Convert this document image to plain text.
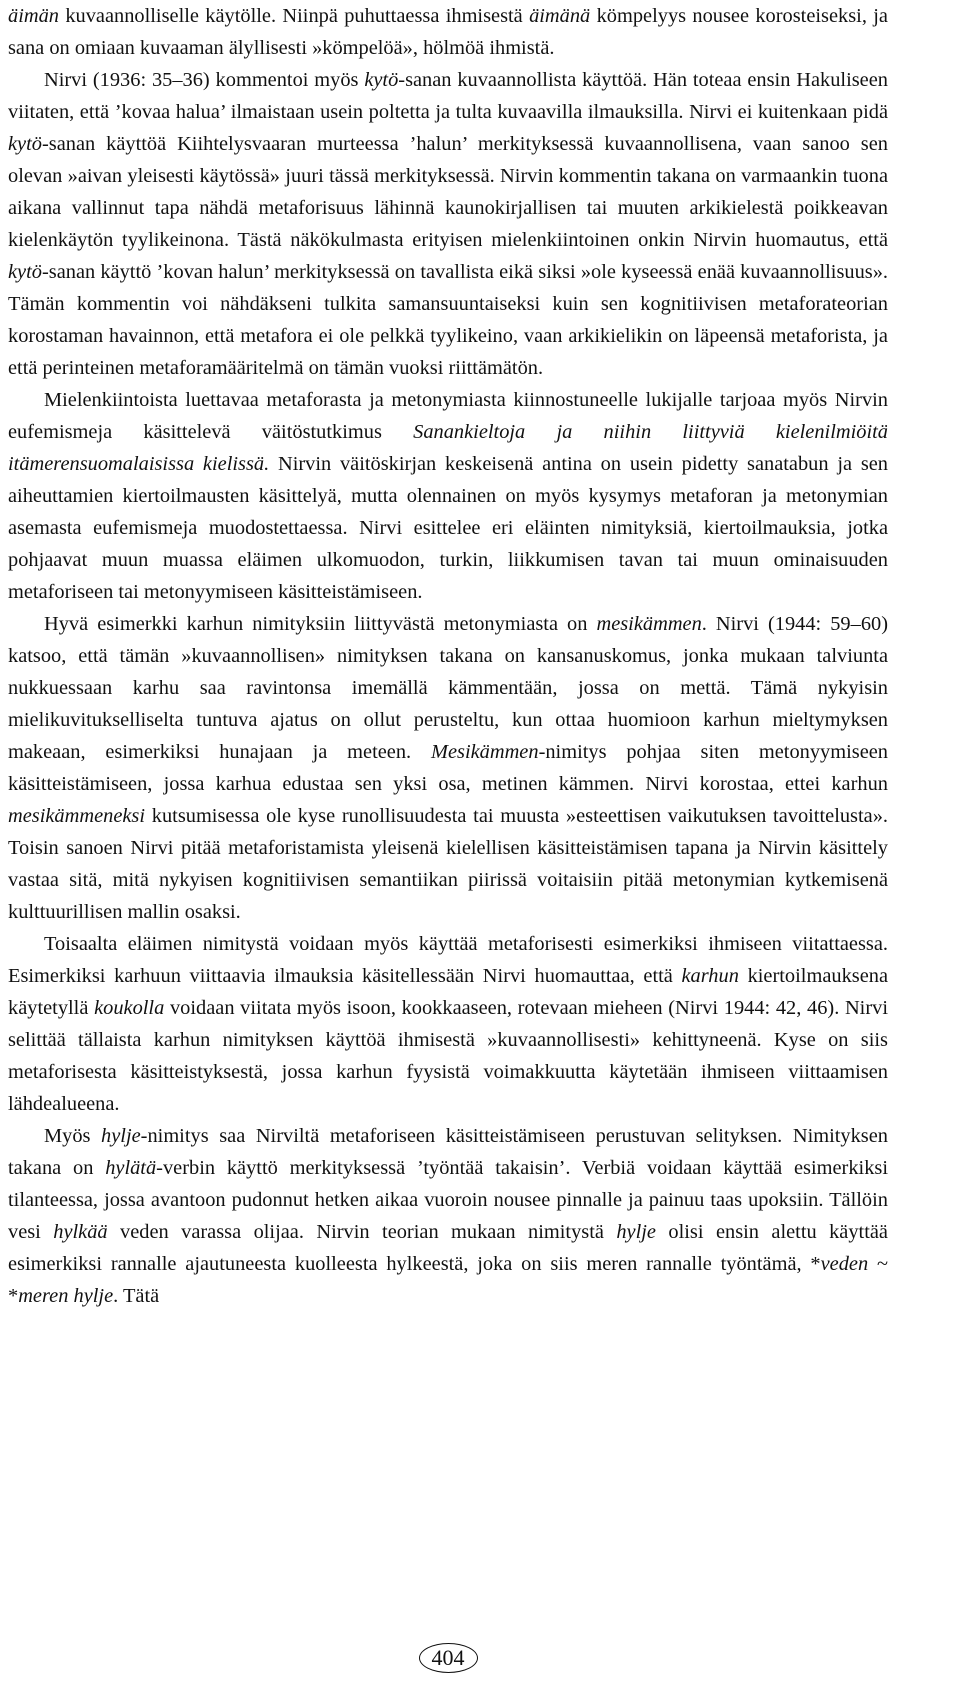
äimän kuvaannolliselle käytölle. Niinpä puhuttaessa ihmisestä äimänä kömpelyys nousee korosteiseksi, ja sana on omiaan kuvaaman älyllisesti »kömpelöä», hölmöä ihmistä.

Nirvi (1936: 35–36) kommentoi myös kytö-sanan kuvaannollista käyttöä. Hän toteaa ensin Hakuliseen viitaten, että ’kovaa halua’ ilmaistaan usein poltetta ja tulta kuvaavilla ilmauksilla. Nirvi ei kuitenkaan pidä kytö-sanan käyttöä Kiihtelysvaaran murteessa ’halun’ merkityksessä kuvaannollisena, vaan sanoo sen olevan »aivan yleisesti käytössä» juuri tässä merkityksessä. Nirvin kommentin takana on varmaankin tuona aikana vallinnut tapa nähdä metaforisuus lähinnä kaunokirjallisen tai muuten arkikielestä poikkeavan kielenkäytön tyylikeinona. Tästä näkökulmasta erityisen mielenkiintoinen onkin Nirvin huomautus, että kytö-sanan käyttö ’kovan halun’ merkityksessä on tavallista eikä siksi »ole kyseessä enää kuvaannollisuus». Tämän kommentin voi nähdäkseni tulkita samansuuntaiseksi kuin sen kognitiivisen metaforateorian korostaman havainnon, että metafora ei ole pelkkä tyylikeino, vaan arkikielikin on läpeensä metaforista, ja että perinteinen metaforamääritelmä on tämän vuoksi riittämätön.

Mielenkiintoista luettavaa metaforasta ja metonymiasta kiinnostuneelle lukijalle tarjoaa myös Nirvin eufemismeja käsittelevä väitöstutkimus Sanankieltoja ja niihin liittyviä kielenilmiöitä itämerensuomalaisissa kielissä. Nirvin väitöskirjan keskeisenä antina on usein pidetty sanatabun ja sen aiheuttamien kiertoilmausten käsittelyä, mutta olennainen on myös kysymys metaforan ja metonymian asemasta eufemismeja muodostettaessa. Nirvi esittelee eri eläinten nimityksiä, kiertoilmauksia, jotka pohjaavat muun muassa eläimen ulkomuodon, turkin, liikkumisen tavan tai muun ominaisuuden metaforiseen tai metonyymiseen käsitteistämiseen.

Hyvä esimerkki karhun nimityksiin liittyvästä metonymiasta on mesikämmen. Nirvi (1944: 59–60) katsoo, että tämän »kuvaannollisen» nimityksen takana on kansanuskomus, jonka mukaan talviunta nukkuessaan karhu saa ravintonsa imemällä kämmentään, jossa on mettä. Tämä nykyisin mielikuvitukselliselta tuntuva ajatus on ollut perusteltu, kun ottaa huomioon karhun mieltymyksen makeaan, esimerkiksi hunajaan ja meteen. Mesikämmen-nimitys pohjaa siten metonyymiseen käsitteistämiseen, jossa karhua edustaa sen yksi osa, metinen kämmen. Nirvi korostaa, ettei karhun mesikämmeneksi kutsumisessa ole kyse runollisuudesta tai muusta »esteettisen vaikutuksen tavoittelusta». Toisin sanoen Nirvi pitää metaforistamista yleisenä kielellisen käsitteistämisen tapana ja Nirvin käsittely vastaa sitä, mitä nykyisen kognitiivisen semantiikan piirissä voitaisiin pitää metonymian kytkemisenä kulttuurillisen mallin osaksi.

Toisaalta eläimen nimitystä voidaan myös käyttää metaforisesti esimerkiksi ihmiseen viitattaessa. Esimerkiksi karhuun viittaavia ilmauksia käsitellessään Nirvi huomauttaa, että karhun kiertoilmauksena käytetyllä koukolla voidaan viitata myös isoon, kookkaaseen, rotevaan mieheen (Nirvi 1944: 42, 46). Nirvi selittää tällaista karhun nimityksen käyttöä ihmisestä »kuvaannollisesti» kehittyneenä. Kyse on siis metaforisesta käsitteistyksestä, jossa karhun fyysistä voimakkuutta käytetään ihmiseen viittaamisen lähdealueena.

Myös hylje-nimitys saa Nirviltä metaforiseen käsitteistämiseen perustuvan selityksen. Nimityksen takana on hylätä-verbin käyttö merkityksessä ’työntää takaisin’. Verbiä voidaan käyttää esimerkiksi tilanteessa, jossa avantoon pudonnut hetken aikaa vuoroin nousee pinnalle ja painuu taas upoksiin. Tällöin vesi hylkää veden varassa olijaa. Nirvin teorian mukaan nimitystä hylje olisi ensin alettu käyttää esimerkiksi rannalle ajautuneesta kuolleesta hylkeestä, joka on siis meren rannalle työntämä, *veden ~ *meren hylje. Tätä

404
